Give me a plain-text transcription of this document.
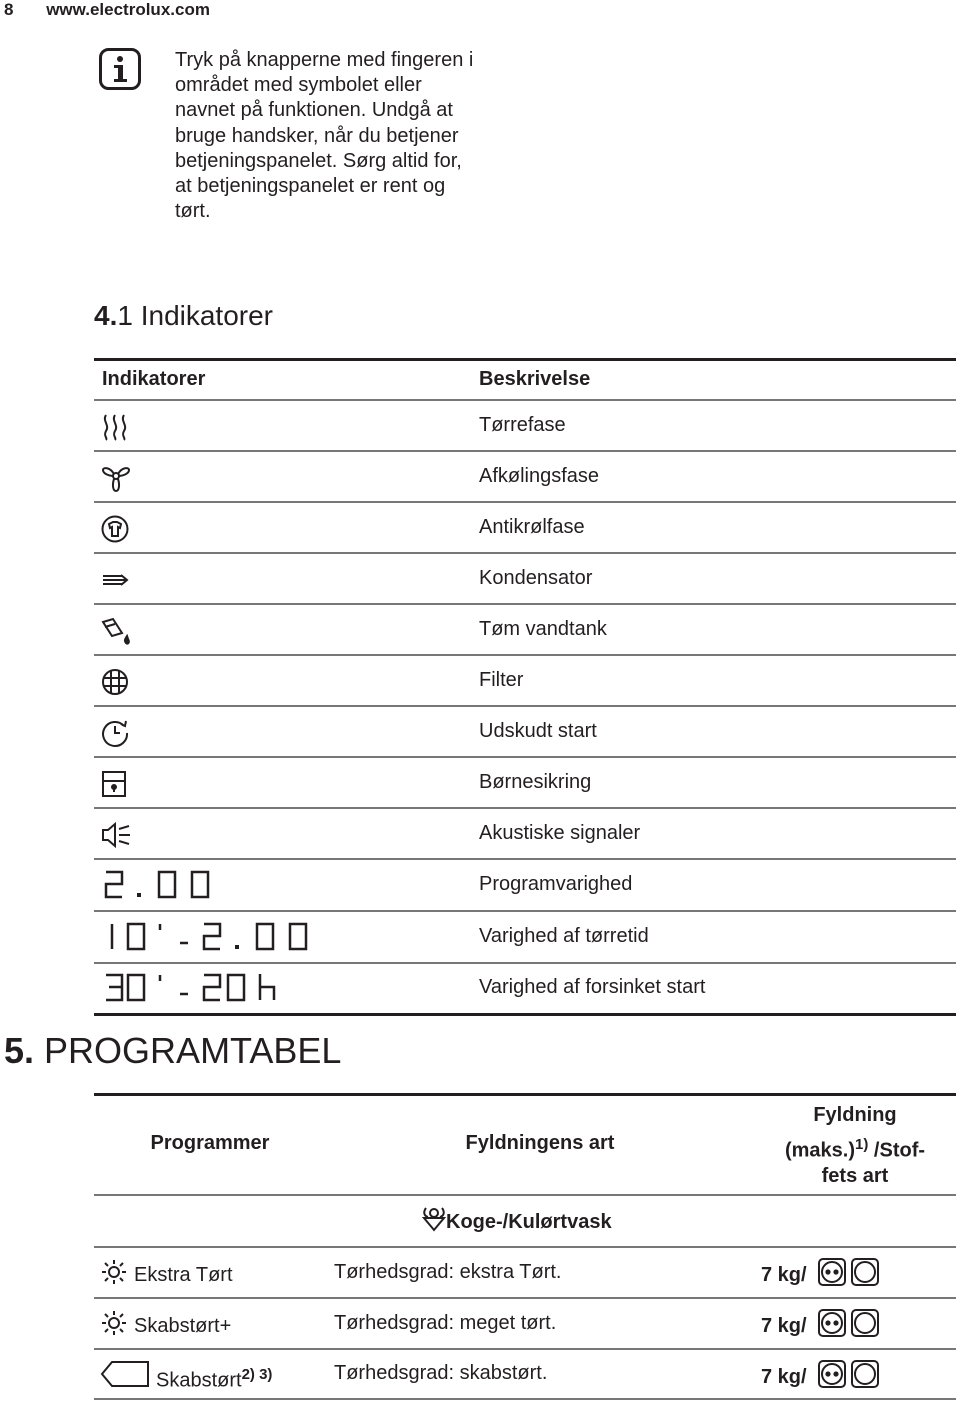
8 www.electrolux.com
Tryk på knapperne med fingeren i området med symbolet eller navnet på funktionen. Undgå at bruge handsker, når du betjener betjeningspanelet. Sørg altid for, at betjeningspanelet er rent og tørt.
4.1 Indikatorer
Indikatorer	Beskrivelse
Tørrefase
Afkølingsfase
Antikrølfase
Kondensator
Tøm vandtank
Filter
Udskudt start
Børnesikring
Akustiske signaler
Programvarighed
Varighed af tørretid
Varighed af forsinket start
5. PROGRAMTABEL
Programmer	Fyldningens art
Fyldning
(maks.)$^{1)}$ /Stof-
fets art
Koge-/Kulørtvask
Ekstra Tørt	Tørhedsgrad: ekstra Tørt.	7 kg/
Skabstørt+	Tørhedsgrad: meget tørt.	7 kg/
Skabstørt$^{2) 3)}$	Tørhedsgrad: skabstørt.	7 kg/
